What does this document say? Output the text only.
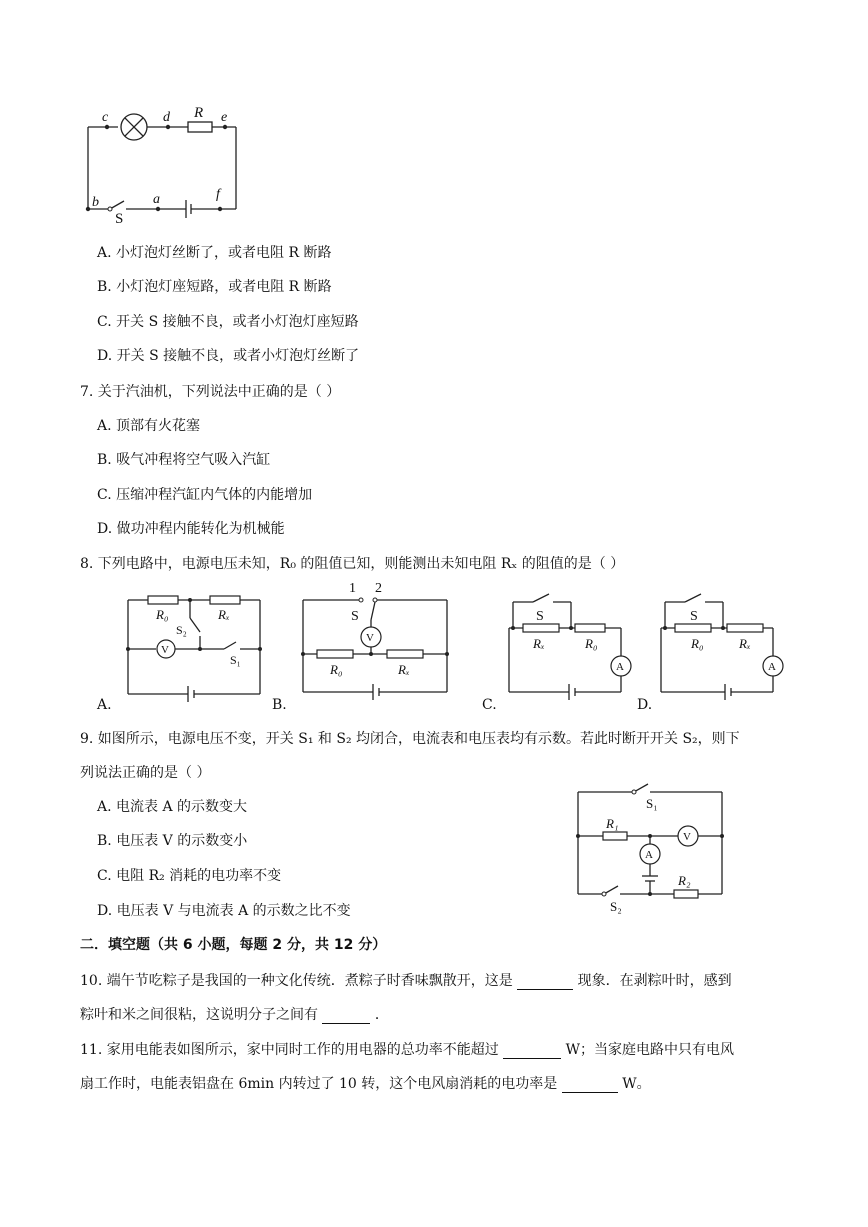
c	d R e
b	a	f
S
A. 小灯泡灯丝断了，或者电阻 R 断路
B. 小灯泡灯座短路，或者电阻 R 断路
C. 开关 S 接触不良，或者小灯泡灯座短路
D. 开关 S 接触不良，或者小灯泡灯丝断了
7. 关于汽油机，下列说法中正确的是（ ）
A. 顶部有火花塞
B. 吸气冲程将空气吸入汽缸
C. 压缩冲程汽缸内气体的内能增加
D. 做功冲程内能转化为机械能
8. 下列电路中，电源电压未知，R₀ 的阻值已知，则能测出未知电阻 Rₓ 的阻值的是（ ）
R₀	Rₓ
S₂
V
S₁
A.
1 2
S
V
R₀	Rₓ
B.
S
Rₓ	R₀
A
C.
S
R₀	Rₓ
A
D.
9. 如图所示，电源电压不变，开关 S₁ 和 S₂ 均闭合，电流表和电压表均有示数。若此时断开开关 S₂，则下
列说法正确的是（ ）
A. 电流表 A 的示数变大
B. 电压表 V 的示数变小
C. 电阻 R₂ 消耗的电功率不变
D. 电压表 V 与电流表 A 的示数之比不变
S₁
R₁
V
A
R₂
S₂
二．填空题（共 6 小题，每题 2 分，共 12 分）
10. 端午节吃粽子是我国的一种文化传统．煮粽子时香味飘散开，这是	现象．在剥粽叶时，感到
粽叶和米之间很粘，这说明分子之间有	．
11. 家用电能表如图所示，家中同时工作的用电器的总功率不能超过	W；当家庭电路中只有电风
扇工作时，电能表铝盘在 6min 内转过了 10 转，这个电风扇消耗的电功率是	W。
